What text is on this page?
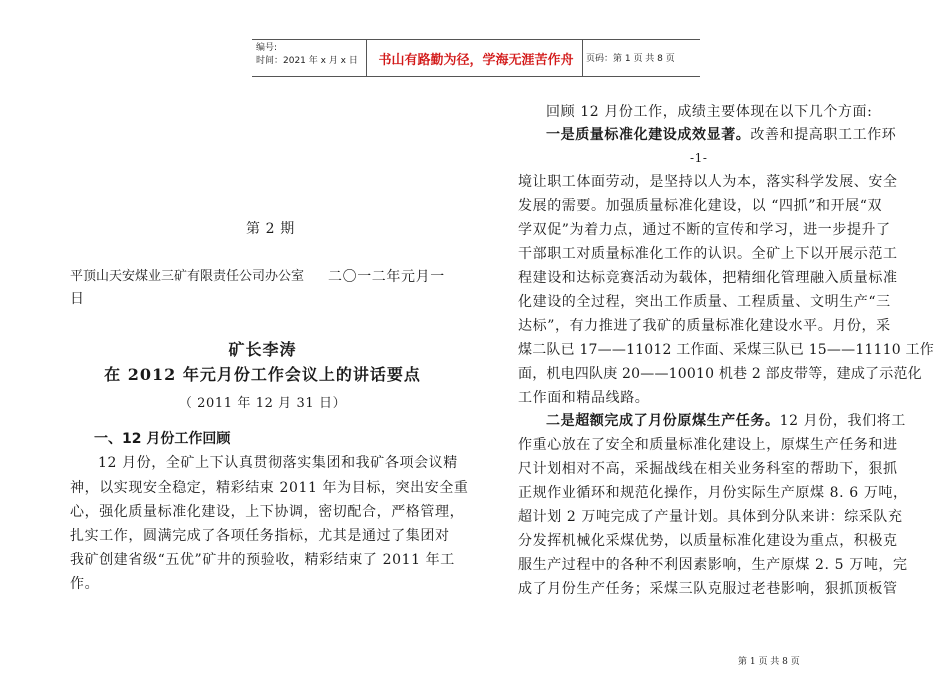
编号:
时间：2021 年 x 月 x 日	书山有路勤为径，学海无涯苦作舟	页码：第 1 页 共 8 页
第 2 期
平顶山天安煤业三矿有限责任公司办公室 二〇一二年元月一
日
矿长李涛
在 2012 年元月份工作会议上的讲话要点
（ 2011 年 12 月 31 日）
一、12 月份工作回顾
12 月份，全矿上下认真贯彻落实集团和我矿各项会议精
神，以实现安全稳定，精彩结束 2011 年为目标，突出安全重
心，强化质量标准化建设，上下协调，密切配合，严格管理，
扎实工作，圆满完成了各项任务指标，尤其是通过了集团对
我矿创建省级“五优”矿井的预验收，精彩结束了 2011 年工
作。
回顾 12 月份工作，成绩主要体现在以下几个方面:
一是质量标准化建设成效显著。改善和提高职工工作环
-1-
境让职工体面劳动，是坚持以人为本，落实科学发展、安全
发展的需要。加强质量标准化建设，以 “四抓”和开展“双
学双促”为着力点，通过不断的宣传和学习，进一步提升了
干部职工对质量标准化工作的认识。全矿上下以开展示范工
程建设和达标竞赛活动为载体，把精细化管理融入质量标准
化建设的全过程，突出工作质量、工程质量、文明生产“三
达标”，有力推进了我矿的质量标准化建设水平。月份，采
煤二队已 17——11012 工作面、采煤三队已 15——11110 工作
面，机电四队庚 20——10010 机巷 2 部皮带等，建成了示范化
工作面和精品线路。
二是超额完成了月份原煤生产任务。12 月份，我们将工
作重心放在了安全和质量标准化建设上，原煤生产任务和进
尺计划相对不高，采掘战线在相关业务科室的帮助下，狠抓
正规作业循环和规范化操作，月份实际生产原煤 8. 6 万吨，
超计划 2 万吨完成了产量计划。具体到分队来讲：综采队充
分发挥机械化采煤优势，以质量标准化建设为重点，积极克
服生产过程中的各种不利因素影响，生产原煤 2. 5 万吨，完
成了月份生产任务；采煤三队克服过老巷影响，狠抓顶板管
第 1 页 共 8 页
